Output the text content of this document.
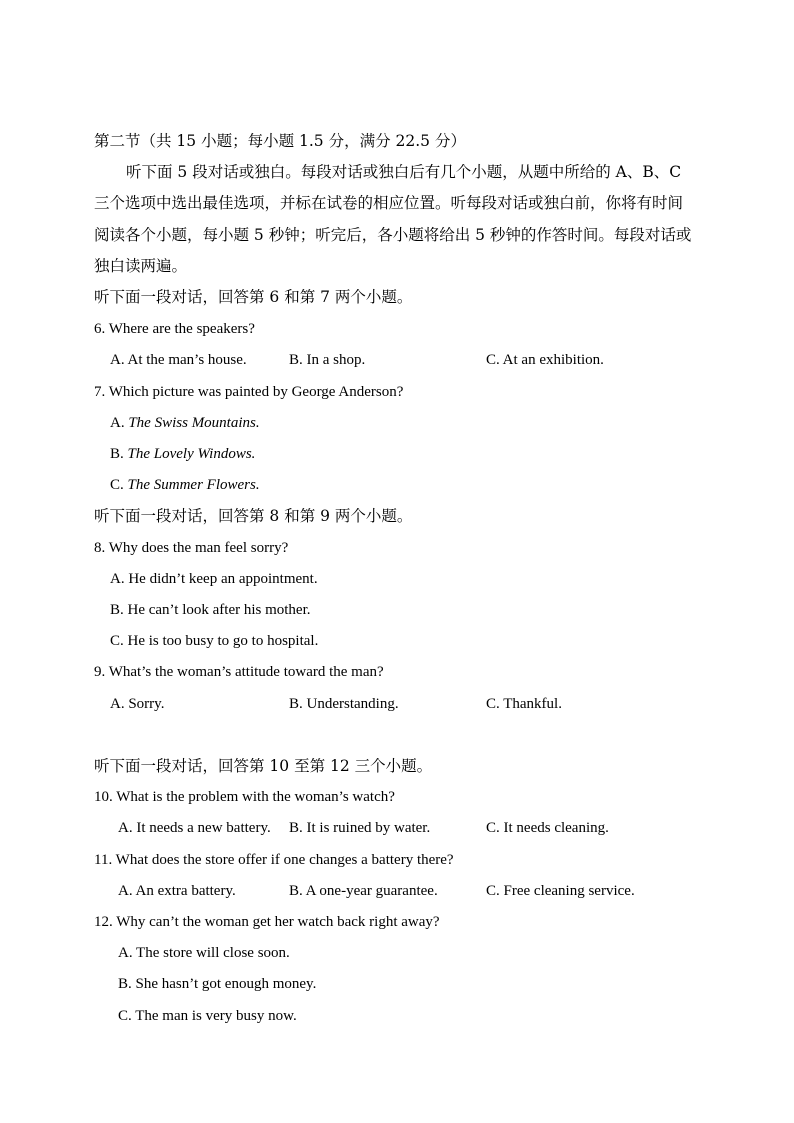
第二节（共 15 小题；每小题 1.5 分，满分 22.5 分）
听下面 5 段对话或独白。每段对话或独白后有几个小题，从题中所给的 A、B、C
三个选项中选出最佳选项，并标在试卷的相应位置。听每段对话或独白前，你将有时间
阅读各个小题，每小题 5 秒钟；听完后，各小题将给出 5 秒钟的作答时间。每段对话或
独白读两遍。
听下面一段对话，回答第 6 和第 7 两个小题。
6. Where are the speakers?
A. At the man’s house.	B. In a shop.	C. At an exhibition.
7. Which picture was painted by George Anderson?
A. The Swiss Mountains.
B. The Lovely Windows.
C. The Summer Flowers.
听下面一段对话，回答第 8 和第 9 两个小题。
8. Why does the man feel sorry?
A. He didn’t keep an appointment.
B. He can’t look after his mother.
C. He is too busy to go to hospital.
9. What’s the woman’s attitude toward the man?
A. Sorry.	B. Understanding.	C. Thankful.
听下面一段对话，回答第 10 至第 12 三个小题。
10. What is the problem with the woman’s watch?
A. It needs a new battery. B. It is ruined by water.	C. It needs cleaning.
11. What does the store offer if one changes a battery there?
A. An extra battery.	B. A one-year guarantee.	C. Free cleaning service.
12. Why can’t the woman get her watch back right away?
A. The store will close soon.
B. She hasn’t got enough money.
C. The man is very busy now.
